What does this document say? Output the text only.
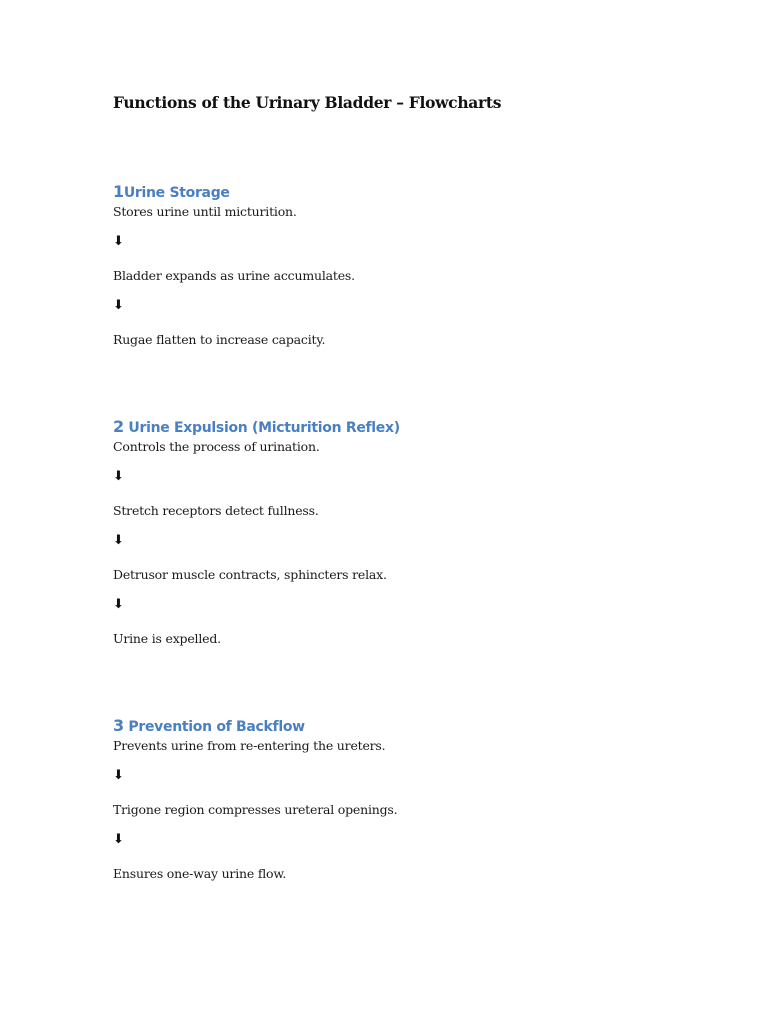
Functions of the Urinary Bladder – Flowcharts
1Urine Storage

Stores urine until micturition.

⬇

Bladder expands as urine accumulates.

⬇

Rugae flatten to increase capacity.

2 Urine Expulsion (Micturition Reflex)

Controls the process of urination.

⬇

Stretch receptors detect fullness.

⬇

Detrusor muscle contracts, sphincters relax.

⬇

Urine is expelled.

3 Prevention of Backflow

Prevents urine from re-entering the ureters.

⬇

Trigone region compresses ureteral openings.

⬇

Ensures one-way urine flow.
